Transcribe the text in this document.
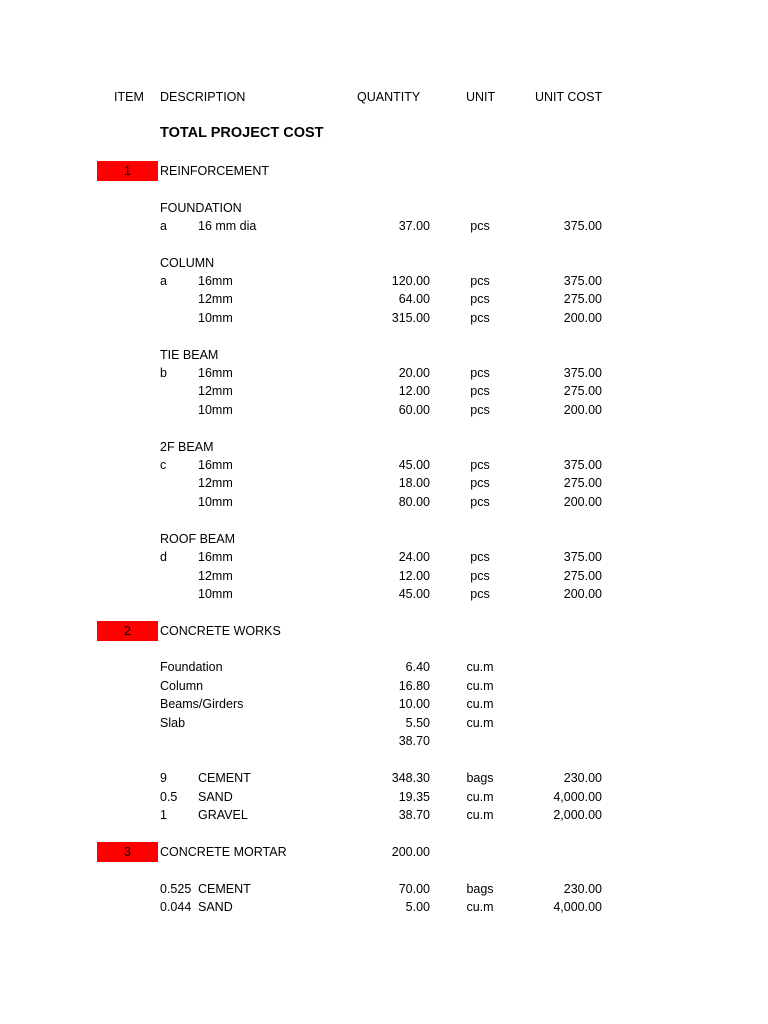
ITEM DESCRIPTION	QUANTITY	UNIT	UNIT COST
TOTAL PROJECT COST
1	REINFORCEMENT
FOUNDATION
a 16 mm dia	37.00	pcs	375.00
COLUMN
a 16mm	120.00	pcs	375.00
12mm	64.00	pcs	275.00
10mm	315.00	pcs	200.00
TIE BEAM
b 16mm	20.00	pcs	375.00
12mm	12.00	pcs	275.00
10mm	60.00	pcs	200.00
2F BEAM
c	16mm	45.00	pcs	375.00
12mm	18.00	pcs	275.00
10mm	80.00	pcs	200.00
ROOF BEAM
d 16mm	24.00	pcs	375.00
12mm	12.00	pcs	275.00
10mm	45.00	pcs	200.00
2	CONCRETE WORKS
Foundation	6.40	cu.m
Column	16.80	cu.m
Beams/Girders	10.00	cu.m
Slab	5.50	cu.m
38.70
9 CEMENT	348.30	bags	230.00
0.5 SAND	19.35	cu.m	4,000.00
1 GRAVEL	38.70	cu.m	2,000.00
3	CONCRETE MORTAR	200.00
0.525 CEMENT	70.00	bags	230.00
0.044 SAND	5.00	cu.m	4,000.00
